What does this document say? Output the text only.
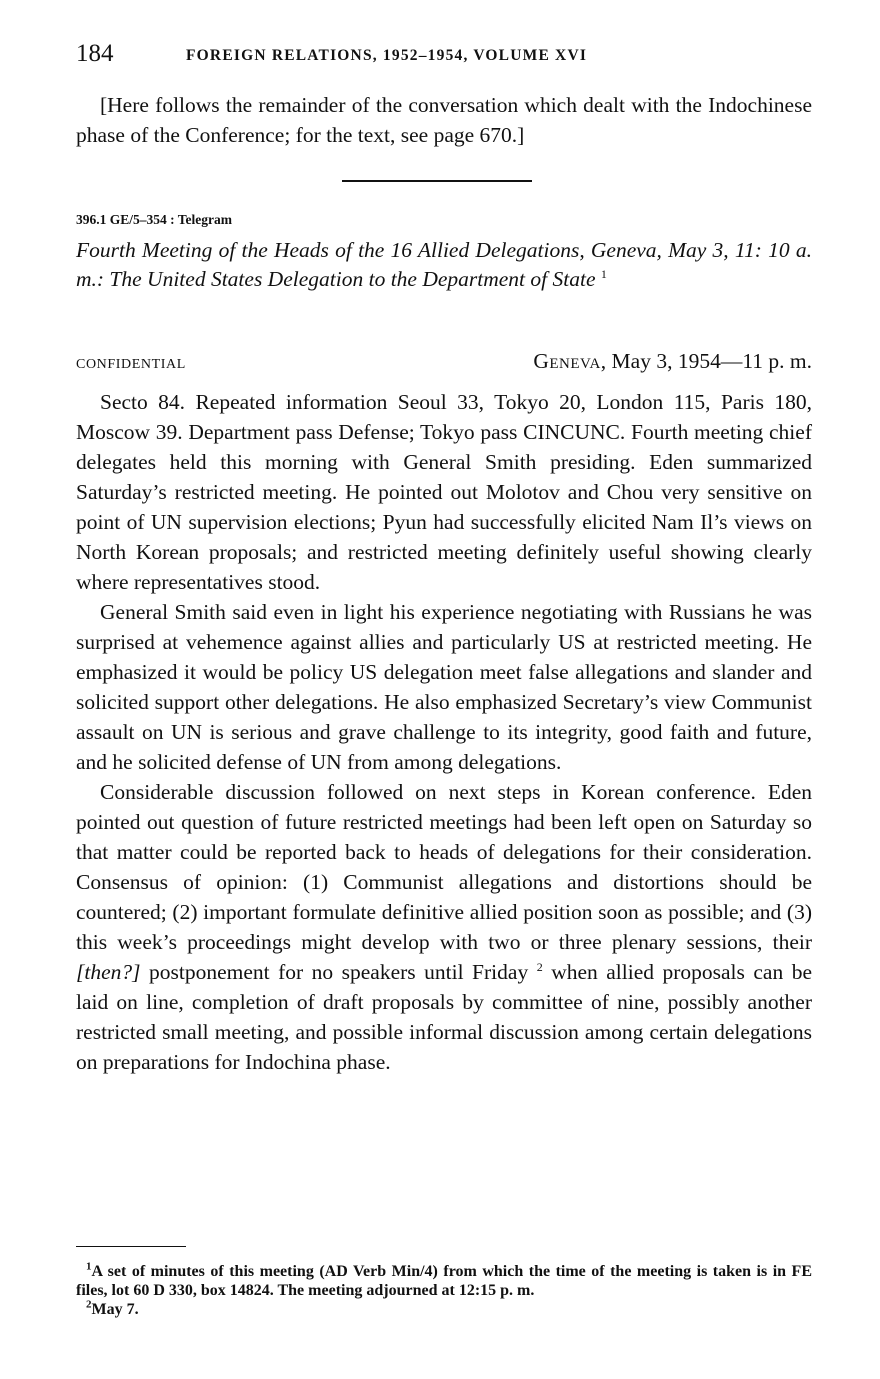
184	FOREIGN RELATIONS, 1952–1954, VOLUME XVI

[Here follows the remainder of the conversation which dealt with the Indochinese phase of the Conference; for the text, see page 670.]

396.1 GE/5–354 : Telegram

Fourth Meeting of the Heads of the 16 Allied Delegations, Geneva, May 3, 11: 10 a. m.: The United States Delegation to the Department of State $^1$

CONFIDENTIAL	Geneva, May 3, 1954—11 p. m.

Secto 84. Repeated information Seoul 33, Tokyo 20, London 115, Paris 180, Moscow 39. Department pass Defense; Tokyo pass CINCUNC. Fourth meeting chief delegates held this morning with General Smith presiding. Eden summarized Saturday’s restricted meeting. He pointed out Molotov and Chou very sensitive on point of UN supervision elections; Pyun had successfully elicited Nam Il’s views on North Korean proposals; and restricted meeting definitely useful showing clearly where representatives stood.

General Smith said even in light his experience negotiating with Russians he was surprised at vehemence against allies and particularly US at restricted meeting. He emphasized it would be policy US delegation meet false allegations and slander and solicited support other delegations. He also emphasized Secretary’s view Communist assault on UN is serious and grave challenge to its integrity, good faith and future, and he solicited defense of UN from among delegations.

Considerable discussion followed on next steps in Korean conference. Eden pointed out question of future restricted meetings had been left open on Saturday so that matter could be reported back to heads of delegations for their consideration. Consensus of opinion: (1) Communist allegations and distortions should be countered; (2) important formulate definitive allied position soon as possible; and (3) this week’s proceedings might develop with two or three plenary sessions, their [then?] postponement for no speakers until Friday $^2$ when allied proposals can be laid on line, completion of draft proposals by committee of nine, possibly another restricted small meeting, and possible informal discussion among certain delegations on preparations for Indochina phase.

$^1$A set of minutes of this meeting (AD Verb Min/4) from which the time of the meeting is taken is in FE files, lot 60 D 330, box 14824. The meeting adjourned at 12:15 p. m.

$^2$May 7.
